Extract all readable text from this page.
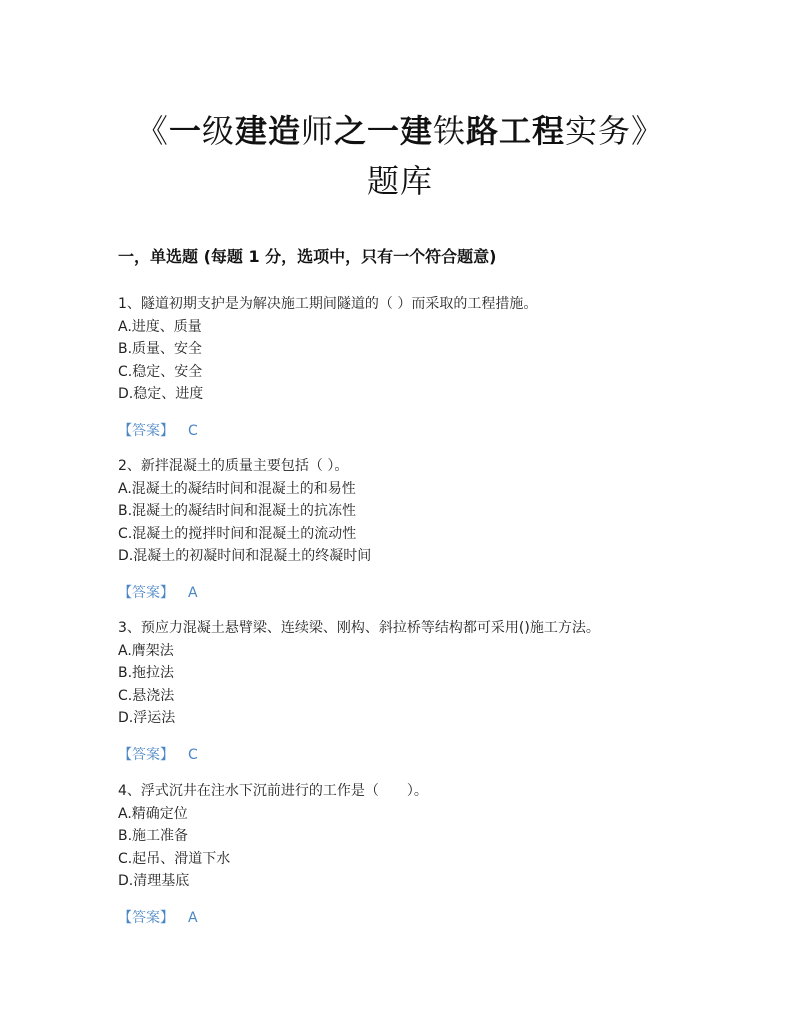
《一级建造师之一建铁路工程实务》
题库
一，单选题 (每题 1 分，选项中，只有一个符合题意)
1、隧道初期支护是为解决施工期间隧道的（ ）而采取的工程措施。
A.进度、质量
B.质量、安全
C.稳定、安全
D.稳定、进度
【答案】 C
2、新拌混凝土的质量主要包括（ ）。
A.混凝土的凝结时间和混凝土的和易性
B.混凝土的凝结时间和混凝土的抗冻性
C.混凝土的搅拌时间和混凝土的流动性
D.混凝土的初凝时间和混凝土的终凝时间
【答案】 A
3、预应力混凝土悬臂梁、连续梁、刚构、斜拉桥等结构都可采用()施工方法。
A.膺架法
B.拖拉法
C.悬浇法
D.浮运法
【答案】 C
4、浮式沉井在注水下沉前进行的工作是（　　）。
A.精确定位
B.施工准备
C.起吊、滑道下水
D.清理基底
【答案】 A
